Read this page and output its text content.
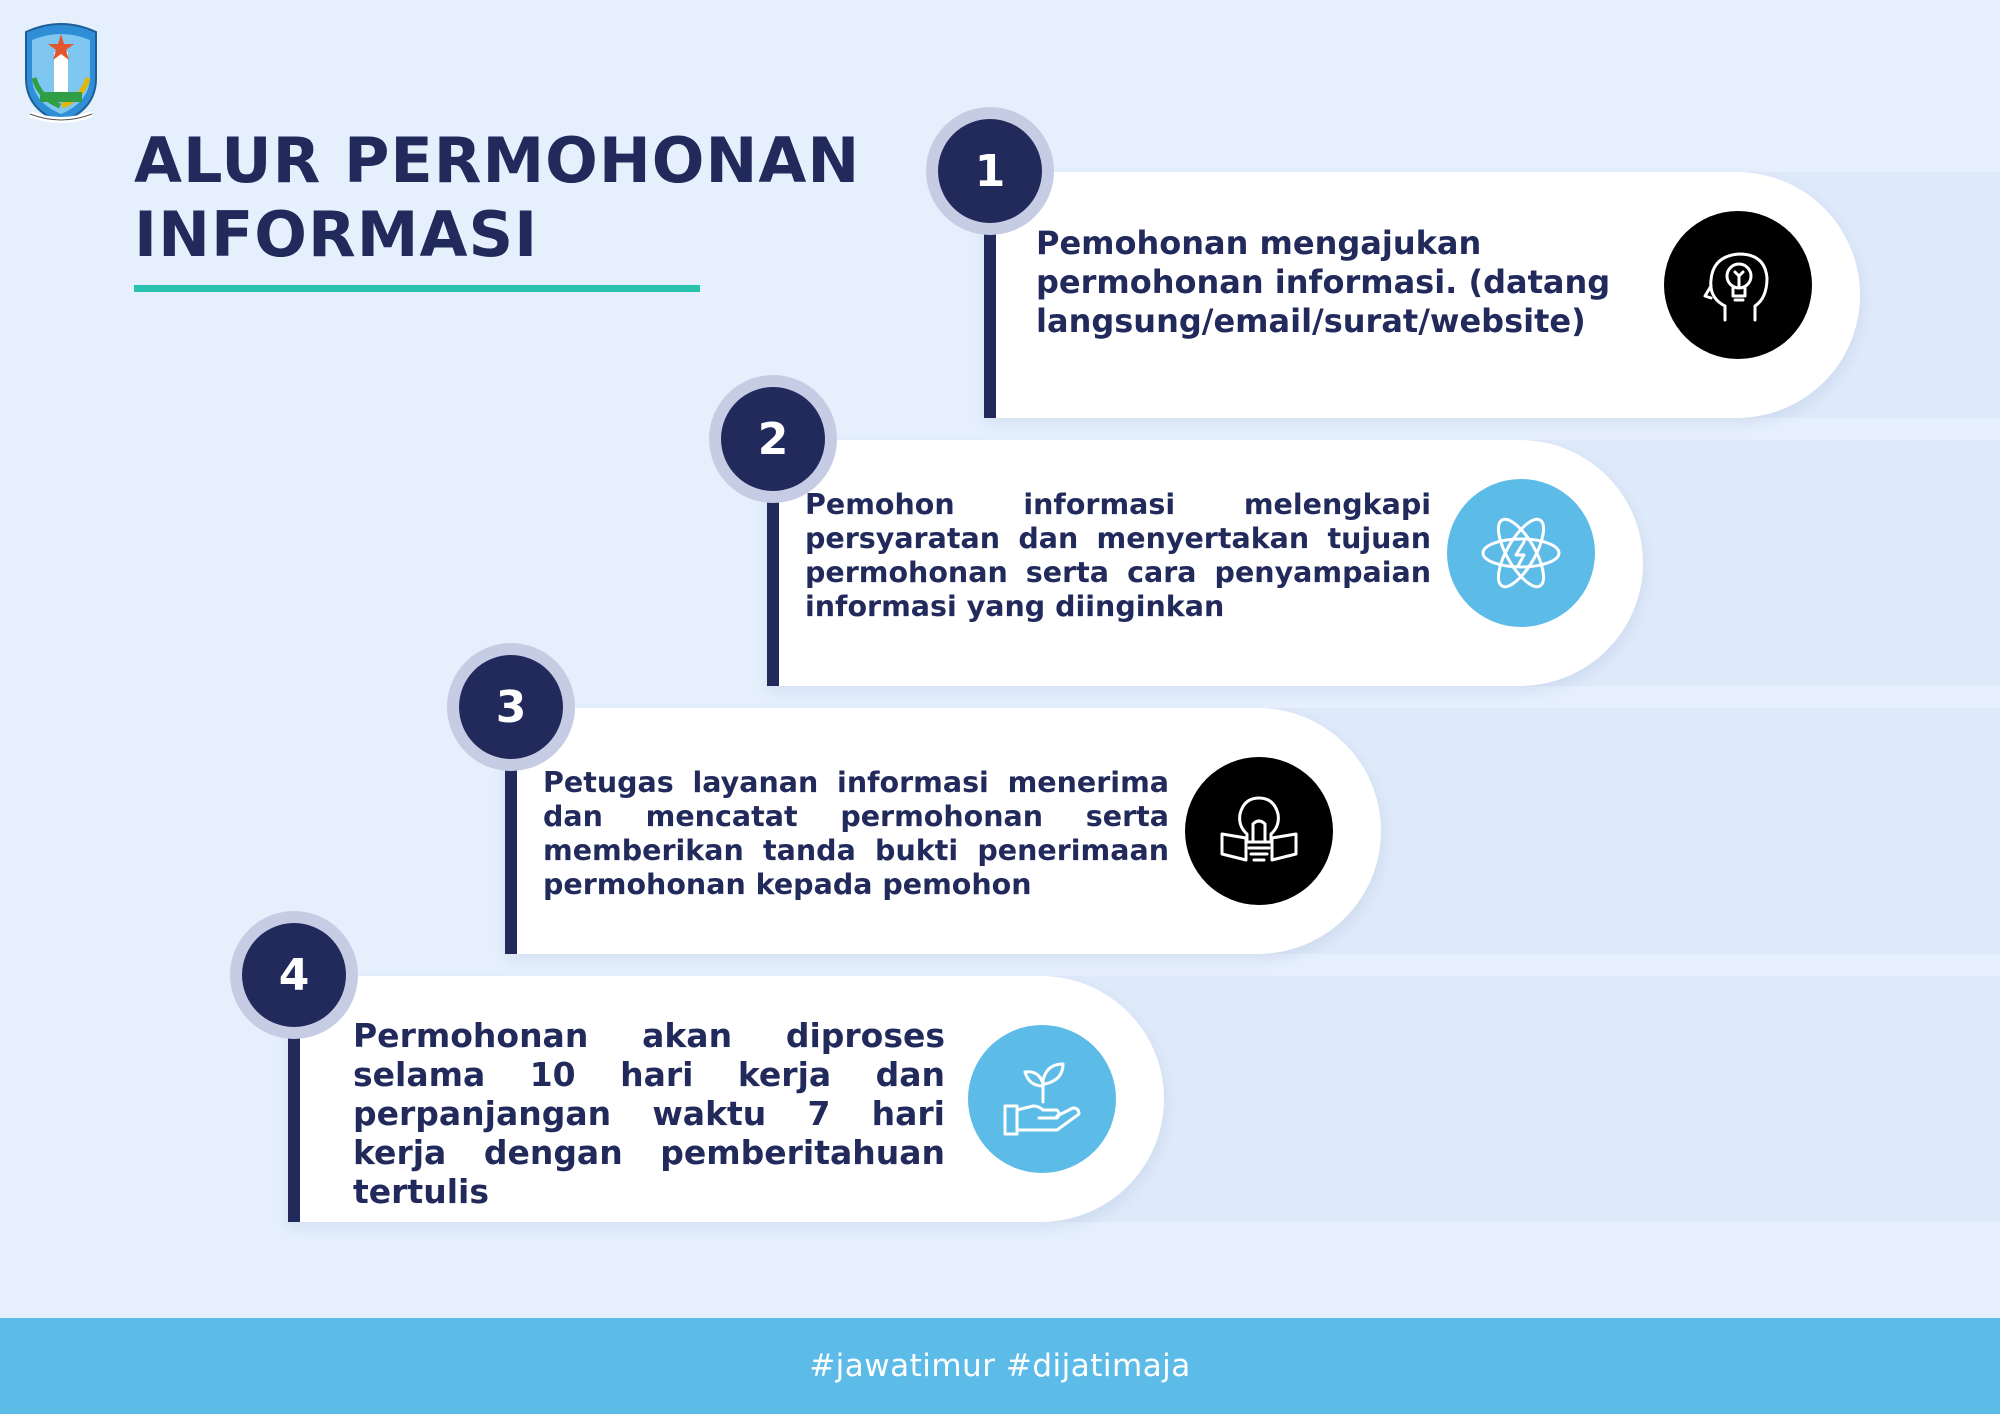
ALUR PERMOHONAN
INFORMASI	Pemohonan mengajukan permohonan informasi. (datang langsung/email/surat/website)

1

Pemohon informasi melengkapi persyaratan dan menyertakan tujuan permohonan serta cara penyampaian informasi yang diinginkan

2

Petugas layanan informasi menerima dan mencatat permohonan serta memberikan tanda bukti penerimaan permohonan kepada pemohon

3

Permohonan akan diproses selama 10 hari kerja dan perpanjangan waktu 7 hari kerja dengan pemberitahuan tertulis

4
#jawatimur #dijatimaja
